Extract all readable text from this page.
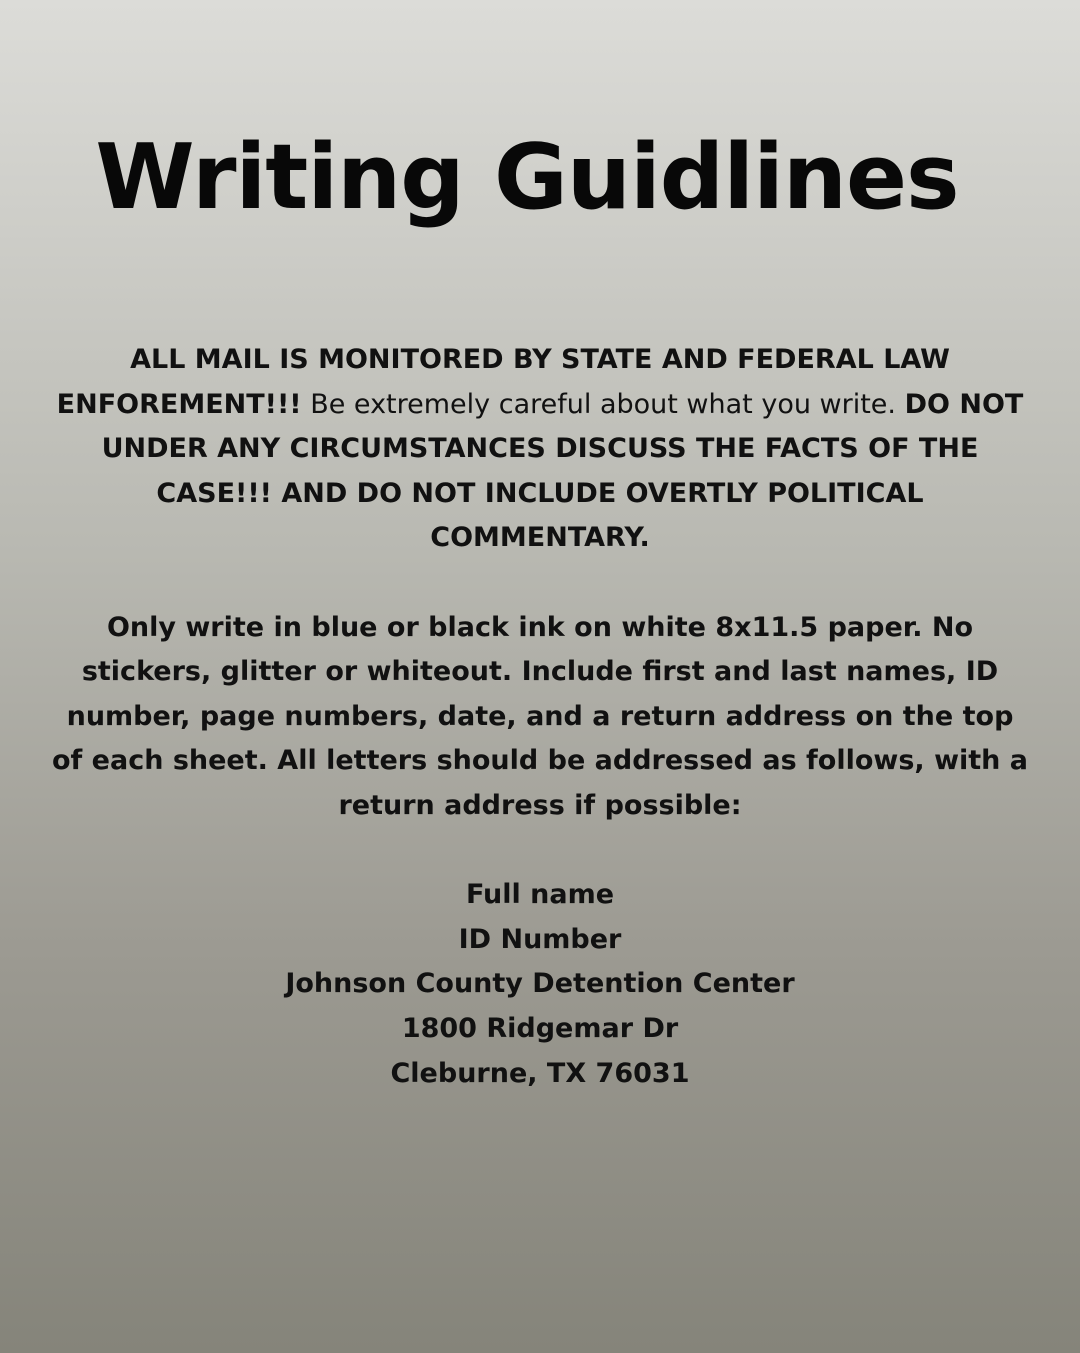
Writing Guidlines

ALL MAIL IS MONITORED BY STATE AND FEDERAL LAW ENFOREMENT!!! Be extremely careful about what you write. DO NOT UNDER ANY CIRCUMSTANCES DISCUSS THE FACTS OF THE CASE!!! AND DO NOT INCLUDE OVERTLY POLITICAL COMMENTARY.

Only write in blue or black ink on white 8x11.5 paper. No stickers, glitter or whiteout. Include first and last names, ID number, page numbers, date, and a return address on the top of each sheet. All letters should be addressed as follows, with a return address if possible:

Full name
ID Number
Johnson County Detention Center
1800 Ridgemar Dr
Cleburne, TX 76031
